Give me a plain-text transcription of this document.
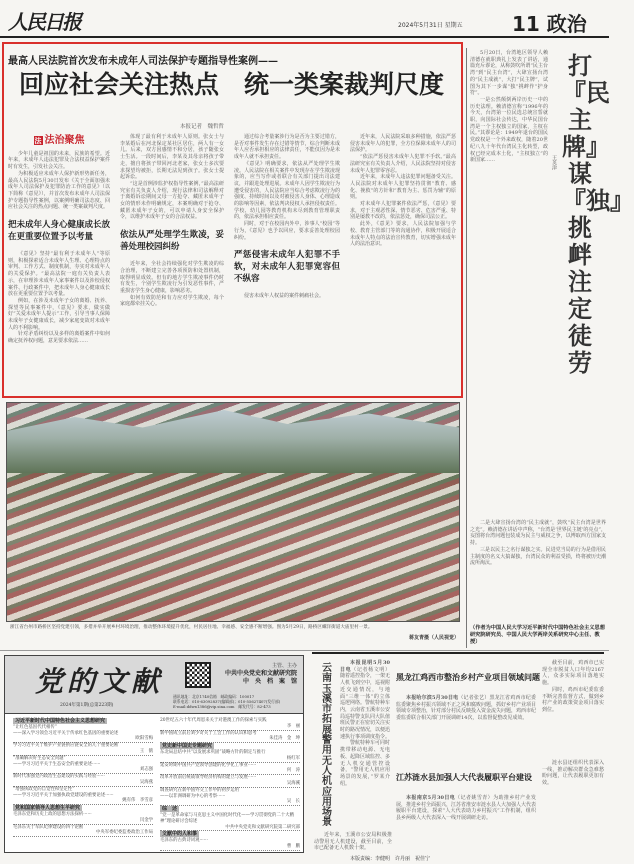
人民日报	2024年5月31日 星期五 11 政治
最高人民法院首次发布未成年人司法保护专题指导性案例——
回应社会关注热点　统一类案裁判尺度
本报记者　魏哲哲
法 法治聚焦

少年儿童是祖国的未来，民族的希望。近年来，未成年人违法犯罪及合法权益保护案件时有发生，引发社会关注。

为积极适应未成年人保护新形势新任务，最高人民法院5月30日发布《关于全面加强未成年人司法保护及犯罪防治工作的意见》（以下简称《意见》），并首次发布未成年人司法保护专题指导性案例，以案例明确司法态度、回应社会关注的热点问题、统一类案裁判尺度。

把未成年人身心健康成长放在更重要位置予以考量

《意见》坚持“最有利于未成年人”等原则，积极探索适合未成年人生理、心理特点的审判、工作方式、制度机制，夯实对未成年人的关爱保护。“最高法院一庭有关负责人表示，在审理涉未成年人家事案件以及涉校侵权案件、行政案件中，把未成年人身心健康成长放在更重要位置予以考量。

例如，在涉及未成年子女的离婚、抚养、探望等民事案件中，《意见》要求，做实做好“关爱未成年人提示”工作，引导当事人保障未成年子女健康成长，减少家庭变故对未成年人的不利影响。

针对矛盾纠纷以及多样的离婚案件中如何确定抚养权问题，意见要求依法……

体现了最有利于未成年人原则。张女士与李某婚后在河北保定某社区居住，两人有一女儿。后来，双方因感情不和分居，孩子随张女士生活。一段时间后，李某及其母亲将孩子带走，擅自将孩子带回河北老家，张女士多次要求探望均被拒，长期无法见到孩子。张女士提起诉讼。

“这是首例涉监护权指导性案例，”最高法研究室有关负责人介绍，现行法律和司法解释对于离婚诉讼期间父母一方抢夺、藏匿未成年子女的情形未作明确规定，本案明确对于抢夺、藏匿未成年子女的，可以申请人身安全保护令，以维护未成年子女的合法权益。

依法从严处理学生欺凌，妥善处理校园纠纷

近年来，全社会持续强化对学生欺凌的综合治理，不断建立完善各项预防和处置机制，取得明显成效。但有的地方学生欺凌事件仍时有发生，个别学生欺凌行为引发恶性事件，严重损害学生身心健康，影响恶劣。

如何有效防范和有力应对学生欺凌，每个家庭都牵挂关心。

通过综合考量案涉行为是否为主要过错方，是否对事件发生存在过错等情节，综合判断未成年人应否承担相应的法律责任，不能仅因为是未成年人就不承担责任。

《意见》明确要求，依法从严处理学生欺凌。人民法院在相关案件中发现存在学生欺凌现象的，应当写作或者联合有关部门提出司法建议，并跟进处理进展。未成年人因学生欺凌行为遭受侵害的，人民法院应当综合考虑欺凌行为的强度、持续时间以及对被侵害人身体、心理造成的影响等因素，依法判决侵权人承担侵权责任。学校、幼儿园等教育机构未尽到教育管理职责的，依法承担相应责任。

同时，对于在校园内外中，涉事人“校园”等行为，《意见》也予以回应，要求妥善处理校园纠纷。

严惩侵害未成年人犯罪不手软，对未成年人犯罪宽容但不纵容

侵害未成年人权益的案件刺痛社会。

近年来，人民法院采取多种措施，依法严惩侵害未成年人的犯罪，全方位保障未成年人的司法保护。

“依法严惩侵害未成年人犯罪不手软。”最高法研究室有关负责人介绍，人民法院坚持对侵害未成年人犯罪零容忍。

近年来，未成年人违法犯罪问题备受关注。人民法院对未成年人犯罪坚持贯彻“教育、感化、挽救”的方针和“教育为主、惩罚为辅”的原则。

对未成年人犯罪案件依法严惩，《意见》要求，对于主观恶性深、情节恶劣、危害严重、特别是屡教不改的，依法惩处，确保司法公正。

此外，《意见》要求，人民法院加强与学校、教育主管部门等的沟通协作，积极开展适合未成年人特点的法治宣传教育，切实增强未成年人的法治意识。

浙江省台州市路桥区坚持党建引领，多措并举开展乡村环境治理，推动整体环境提升优化，村民居住地、幸福感、安全感不断增强。图为5月29日，路桥区螺洋街道大庙里村一景。
蒋友青摄（人民视觉）

5月20日，台湾地区领导人赖清德在就职典礼上发表了讲话，通篇充斥谬论，从称鼓吹所谓“民主台湾”到“民主台湾”，大肆宣扬台湾的“民主成就”，大打“民主牌”，试图为其下一步谋“独”挑衅作“护身符”。

一是公然颠倒两岸历史一中的历史法理。赖清德宣称“1996年的今天，台湾第一位民选总统宣誓就职，向国际社会传达，中华民国台湾是一个主权独立的国家，主权在民。”其谬论是：1949年退台的国民党政权是一个外来政权，随着20世纪八九十年代台湾民主化转型，政权已经完成本土化，“主权独立”的新国家……

打『民主牌』谋『独』挑衅注定徒劳
王英津

二是大肆宣扬台湾的“民主成就”，鼓吹“民主台湾是世界之光”。赖清德在讲话中声称，“台湾是‘世界民主链’的亮点”，妄图将台湾问题包装成为民主与威权之争，以博取西方国家支持。

三是以民主之名行谋独之实。民进党当局的行为是借用民主制度的名义大搞谋独，台湾民众的利益受损，终将被历史潮流所淘汰。

（作者为中国人民大学习近平新时代中国特色社会主义思想研究院研究员、中国人民大学两岸关系研究中心主任、教授）
党的文献
2024年第1期(总第223期)
主管、主办
中共中央党史和文献研究院
中　央　档　案　馆
通讯地址：北京1740信箱　邮政编码：100017
联系电话：010-63092837(编辑部)；010-55627407(发行部)
E-mail:ddwx1386@vip.sina.com　邮发代号：82-473
习近平新时代中国特色社会主义思想研究

“让红色基因代代相传”
——深入学习领会习近平关于传承红色基因的重要论述
欧阳雪梅
学习习近平关于维护产业链供应链安全的几个重要论断
王　鹤
“准确解决好生态安全问题”
——学习习近平关于生态安全的重要论述······
刘志强
新时代加强党内政治生态建设的实践与经验······
吴海燕
“增强执政党的自觉性和坚定性”
——学习习近平关于加强执政党建设的重要论述······
姚有伟　李雪彦
党和国家领导人思想生平研究

毛泽东党和历史上政的思想方法探析······
闫金学
毛泽东关于军队纪律建设的四个论断
中央军委纪委监委政治工作局
20世纪五六十年代周恩来关于对港澳工作的探索与实践
李　丽
新中国成立前后刘少奇关于工会工作的认识和思考
朱佳涛　金　坤
党史新中国史专题研究

东北局总结中共“以发展求巩固”战略方针的制定与推行
杨红军
延安时期中国共产党领导创建的化学化工事业······
何　涛
改革开放前后统战领导经济机构的建立与发展······
吴海溪
调查研究在新中国外交工作中的初步运用
——以非洲调研为中心的考察······
吴　长
综　述

“党一是革命家与马克思主义中国化时代化——学习贯彻党的二十大精神”理论研讨会综述
中共中央党史和文献研究院第二研究部
文献中的人和事

毛泽东的古典诗词观······
曹　鹏
云南玉溪市拓展警用无人机应用场景

本报昆明5月30日电（记者杨文明）随着遥控指令，一架无人机飞到空中，巡视附近交通情况，与地面“三维一体”的立体巡逻网络。警航特种车内，云南省玉溪市公安局巡特警支队同大队值班民警正在密切关注实时的路况情况，以便迅速执行事项调度指令。

警航特种车可同时携带移动电源、无电板、起降区域监控、多无人机交通管控设备，“警用无人机应用场景的发展，”罗某介绍。

近年来，玉溪市公安局积极推动警用无人机建设，截至目前，全市已配备无人机数十架。
黑龙江鸡西市整治乡村产业项目领域问题

本报哈尔滨5月30日电（记者张艺）黑龙江省鸡西市纪委监委聚焦乡村振兴领域不正之风和腐败问题，抓好乡村产业项目领域专项整治，针对部分村民反映投入资金流失问题，鸡西市纪委监委联合相关部门开展调研14次，以监督促整改见成效。

截至目前，鸡西市已实现全市脱贫人口年均2167人，众多实际项目落地实施。

同时，鸡西市纪委监委不断完善监督方式，做到乡村产业的政策资金项目落实到位。

江苏涟水县加强人大代表履职平台建设

本报南京5月30日电（记者姚雪青）为助推乡村产业发展，推进乡村全面振兴，江苏省淮安市涟水县人大加强人大代表履职平台建设，探索“人大代表助力乡村振兴”工作机制，组织县乡两级人大代表深入一线开展调研走访。

涟水县还组织代表深入一线，推动解决群众急难愁盼问题，让代表履职更加有效。
本版责编：李健明　许丹丽　祝佳宁
